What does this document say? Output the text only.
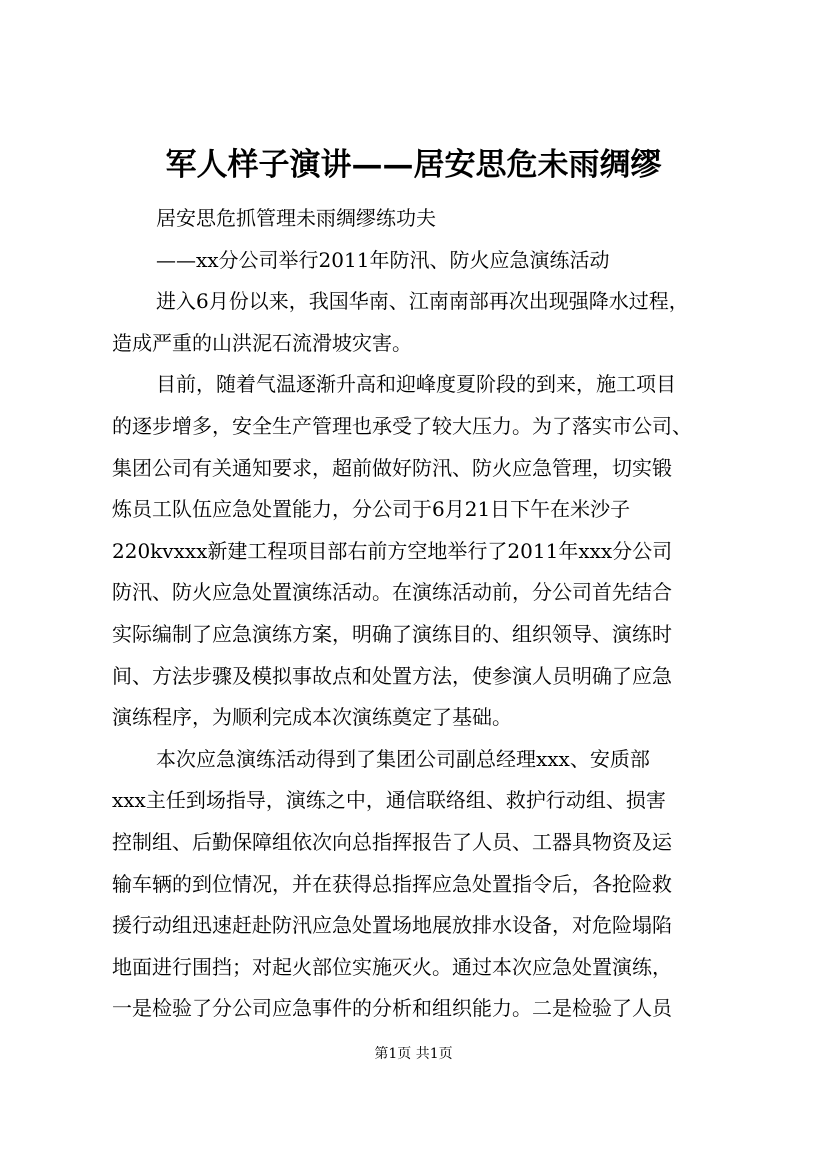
军人样子演讲——居安思危未雨绸缪
居安思危抓管理未雨绸缪练功夫
——xx分公司举行2011年防汛、防火应急演练活动
进入6月份以来，我国华南、江南南部再次出现强降水过程，
造成严重的山洪泥石流滑坡灾害。
目前，随着气温逐渐升高和迎峰度夏阶段的到来，施工项目
的逐步增多，安全生产管理也承受了较大压力。为了落实市公司、
集团公司有关通知要求，超前做好防汛、防火应急管理，切实锻
炼员工队伍应急处置能力，分公司于6月21日下午在米沙子
220kvxxx新建工程项目部右前方空地举行了2011年xxx分公司
防汛、防火应急处置演练活动。在演练活动前，分公司首先结合
实际编制了应急演练方案，明确了演练目的、组织领导、演练时
间、方法步骤及模拟事故点和处置方法，使参演人员明确了应急
演练程序，为顺利完成本次演练奠定了基础。
本次应急演练活动得到了集团公司副总经理xxx、安质部
xxx主任到场指导，演练之中，通信联络组、救护行动组、损害
控制组、后勤保障组依次向总指挥报告了人员、工器具物资及运
输车辆的到位情况，并在获得总指挥应急处置指令后，各抢险救
援行动组迅速赶赴防汛应急处置场地展放排水设备，对危险塌陷
地面进行围挡；对起火部位实施灭火。通过本次应急处置演练，
一是检验了分公司应急事件的分析和组织能力。二是检验了人员
第1页 共1页
